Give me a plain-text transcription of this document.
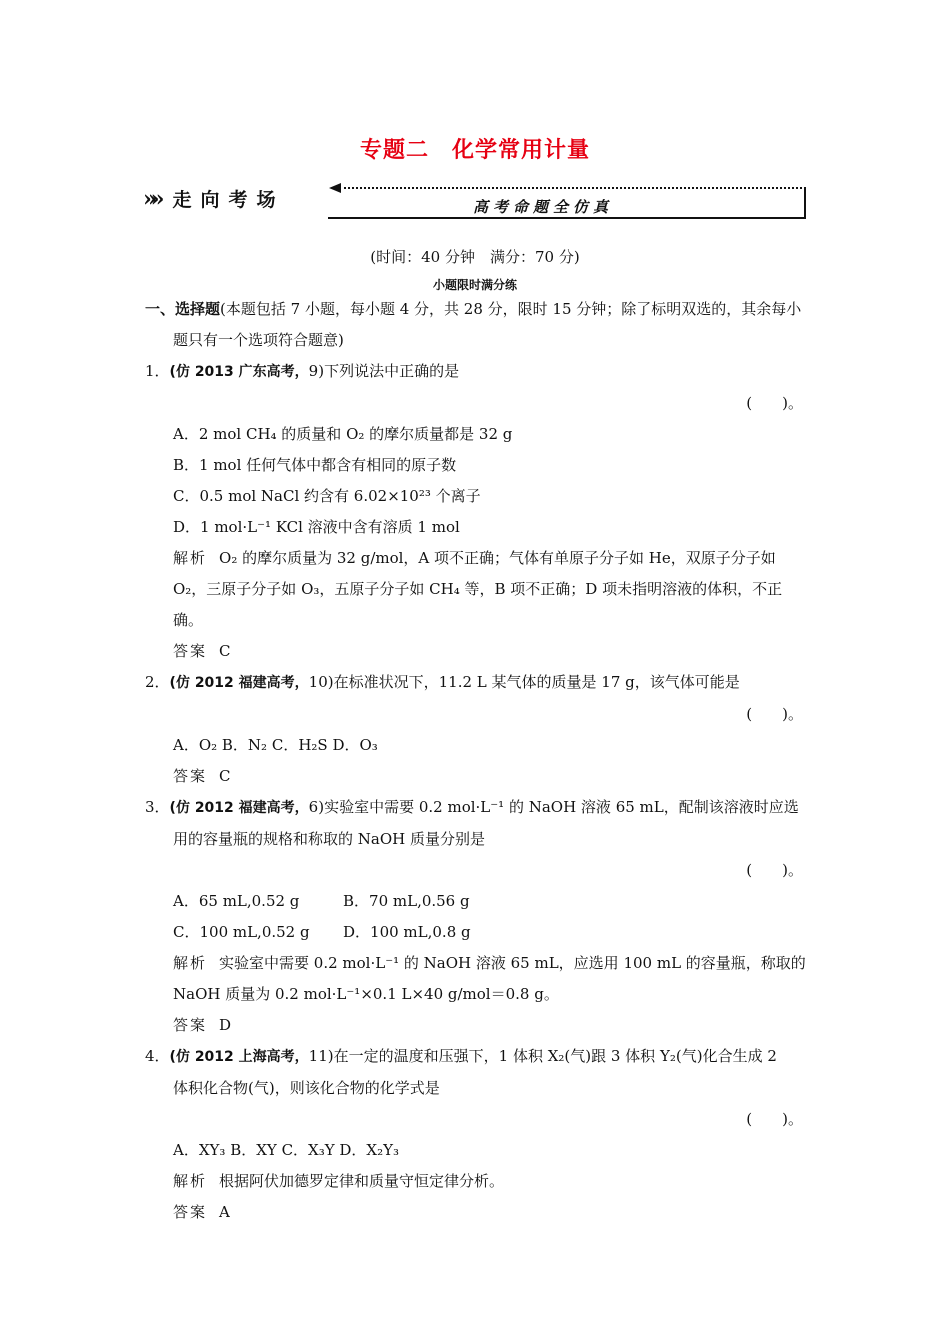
专题二　化学常用计量
»» 走向考场	高考命题全仿真
(时间：40 分钟　满分：70 分)
小题限时满分练
一、选择题(本题包括 7 小题，每小题 4 分，共 28 分，限时 15 分钟；除了标明双选的，其余每小
题只有一个选项符合题意)
1．(仿 2013 广东高考，9)下列说法中正确的是
(　　)。
A．2 mol CH₄ 的质量和 O₂ 的摩尔质量都是 32 g
B．1 mol 任何气体中都含有相同的原子数
C．0.5 mol NaCl 约含有 6.02×10²³ 个离子
D．1 mol·L⁻¹ KCl 溶液中含有溶质 1 mol
解析 O₂ 的摩尔质量为 32 g/mol，A 项不正确；气体有单原子分子如 He，双原子分子如
O₂，三原子分子如 O₃，五原子分子如 CH₄ 等，B 项不正确；D 项未指明溶液的体积，不正
确。
答案 C
2．(仿 2012 福建高考，10)在标准状况下，11.2 L 某气体的质量是 17 g，该气体可能是
(　　)。
A．O₂ B．N₂ C．H₂S D．O₃
答案 C
3．(仿 2012 福建高考，6)实验室中需要 0.2 mol·L⁻¹ 的 NaOH 溶液 65 mL，配制该溶液时应选
用的容量瓶的规格和称取的 NaOH 质量分别是
(　　)。
A．65 mL,0.52 g	B．70 mL,0.56 g
C．100 mL,0.52 g	D．100 mL,0.8 g
解析 实验室中需要 0.2 mol·L⁻¹ 的 NaOH 溶液 65 mL，应选用 100 mL 的容量瓶，称取的
NaOH 质量为 0.2 mol·L⁻¹×0.1 L×40 g/mol＝0.8 g。
答案 D
4．(仿 2012 上海高考，11)在一定的温度和压强下，1 体积 X₂(气)跟 3 体积 Y₂(气)化合生成 2
体积化合物(气)，则该化合物的化学式是
(　　)。
A．XY₃ B．XY C．X₃Y D．X₂Y₃
解析 根据阿伏加德罗定律和质量守恒定律分析。
答案 A
